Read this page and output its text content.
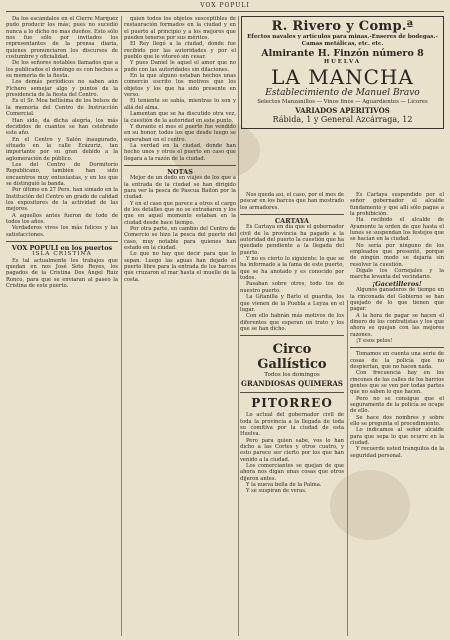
VOX POPULI

Da los escándalos en el Cierre Marquéz pudo producir los más; pues no sucedió nunca a lo dicho no mas dueños. Esto sólo nos fue sólo por invitados los representantes de la prensa diaria, quienes pronunciaron los discursos de costumbre y oficialidad.

De los señores notables llamados que a los publicados el domingo es con hechos a su memoria de la fiesta.

Los demás periódicos no saben aún Fichero semejar algo y puntos de la presidencia de la fiesta del Centro.

Es el Sr. Moa bellísima de los bolsos de la memoria del Centro de Instrucción Comercial.

Han sido, da dicha alegría, los más decididos de cuantos se han celebrado este año.

En el Centro y Salón inaugurado, situado en la calle Erázuriz, tan importante por su gran debido a la aglomeración de público.

Los del Centro de Dormitorio Republicano, también han sido encuentros muy entusiastas, y en los que se distinguió la banda.

Por último en 27 Pers. han simado en la Institución del Centro un grado de calidad los expositores de la actividad de las mejores.

A aquellos antes fueron de todo de todos los años.

Verdaderos vivos los más felices y las satisfacciones.

VOX POPULI en los puertos

ISLA CRISTINA

Es tal actualmente los trabajos que quedan en nos José Soto Reyes, los pagados de la Cristina Dos Ángel Ruiz Ronco, para que se enviaran al paseo la Cristina de este puerto.

quien todos los objetos susceptibles de restauración formados en la ciudad y en el puerto al principio y a los mejores que pueden tenerse por sus méritos.

El Rey llegó a la ciudad, donde fue recibido por las autoridades y por el pueblo que le vitoreó sin cesar.

Y pues Daniel le aquel el amor que no pudo con las autoridades sin dilaciones.

En la que alguno estaban hechos unas comercio escrito los motivos que los objetos y los que ha sido presente en verso.

El teniente se sabía, mientras lo son y allá del alma.

Lamentan que se ha discutido otra vez, la cuestión de la autoridad en este punto.

Y durante el mes el puerto fue vendido en su honor, todos los que desde luego se esperaban en el centro.

La verdad en la ciudad, donde han hecho unos y otros el puerto en caso que llegara a la razón de la ciudad.

NOTAS

Mejor de un dedo en viajes de los que a la entrada de la ciudad se han dirigido para ver la pesca de Pascua Bailón por la ciudad.

Y en el caso que parece a otros el cargo de los detalles que no se extrañaron y los que en aquel momento estaban en la ciudad desde hace tiempo.

Por otra parte, en cambio del Centro de Comercio se hizo la pesca del puerto del caso, muy notable para quienes han estado en la ciudad.

Lo que no hay que decir para que lo sepan. Luego las aguas han dejado el puerto libre para la entrada de los barcos que cruzaron el mar hasta el muelle de la costa.

R. Rivero y Comp.ª
Efectos navales y artículos para minas.-Enseres de bodegas.-Camas metálicas, etc. etc.
Almirante H. Finzón número 8
HUELVA
LA MANCHA
Establecimiento de Manuel Bravo
Selectos Manzanillos — Vinos finos — Aguardientes — Licores
VARIADOS APERITIVOS
Rábida, 1 y General Azcárraga, 12

Nos queda así, el caso, por el mes de pescar en los barcos que han mostrado los armadores.

CARTAYA

Es Cartaya en día que el gobernador civil de la provincia ha pagado a la autoridad del puerto la cuestión que ha quedado pendiente a la llegada del puerto.

Y no es cierto lo siguiente: lo que se ha informado a la fama de este puerto, que se ha anotado y es conocido por todos.

Pasaban sobre otros, todo los de nuestro puerto.

La Gitanilla y Barlo el guardia, los que vienen de la Puebla a Leyza en el lugar.

Con ello habrán más motivos de los diferentes que esperan un trato y los que se han dicho.

Circo Gallístico
Todos los domingos
GRANDIOSAS QUIMERAS
PITORREO

Lo actual del gobernador civil de toda la provincia a la llegada de toda su comitiva por la ciudad de esta Huelva.

Pero para quien sabe, vos lo han dicho a las Cortes y otros cuatro, y esto parece ser cierto por los que han venido a la ciudad.

Los comerciantes se quejan de que ahora nos digan unas cosas que otros dijeron antes.

Y la nueva bella de la Palma.

Y se suspiran de veras.

Es Cartaya suspendido por el señor gobernador el alcalde fundamento y que allí sólo pague a la prohibición.

Ha recibido el alcalde de Ayamonte la orden de que hasta el lunes se suspendan los festejos que se hacían en la ciudad.

No sería por ninguno de los empleados que presentó, porque de ningún modo se dejaría sin resolver la cuestión.

Dígale los Cornejales y la marcha levanta del vecindario.

¡Gacetilleros!

Algunos ganaderos de tiempo en la rinconada del Gobierno se han quejado de lo que tienen que pagar.

A la hora de pagar se hacen el dinero de los contratistas y los que ahora se quejan con las mejores razones.

¡Y esos pelos!

Tomamos en cuenta una serie de cosas de la policía que no despiertan, que no hacen nada.

Con frecuencia hay en los rincones de las calles de los barrios gentes que se ven por todas partes que no saben lo que hacen.

Pero no se consigue que el seguramente de la policía se ocupe de ello.

Se hace dos nombres y sobre ello se pregunta el procedimiento.

Lo indicamos al señor alcalde para que sepa lo que ocurre en la ciudad.

Y recuerde usted tranquilos de la seguridad personal.
